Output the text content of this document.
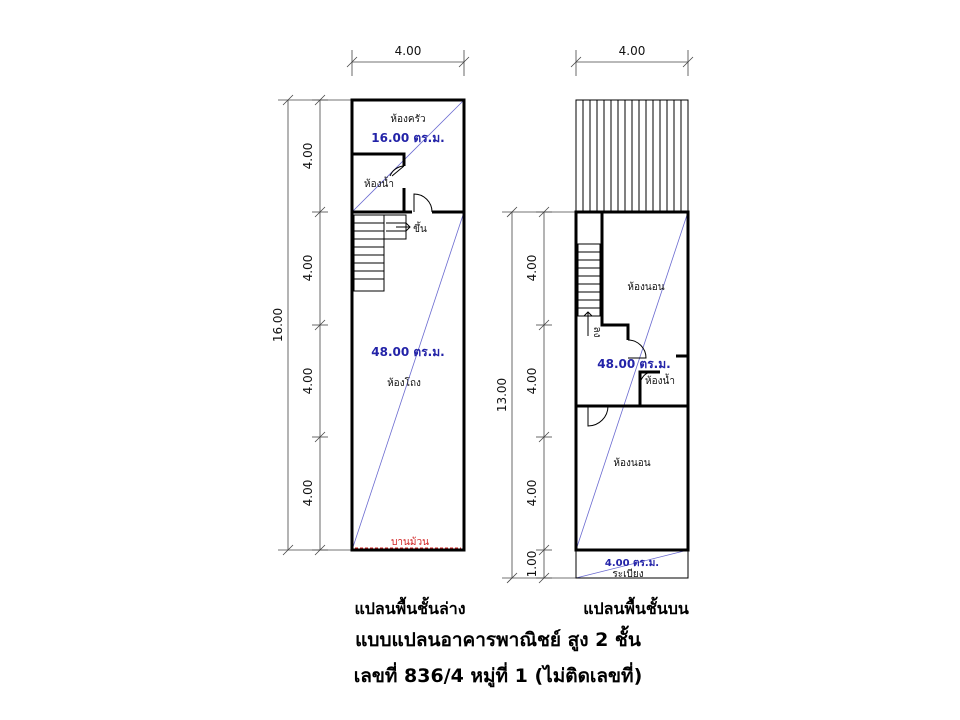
4.00
16.00
4.00
4.00
4.00
4.00
ขึ้น
ห้องครัว
16.00 ตร.ม.
ห้องน้ำ
48.00 ตร.ม.
ห้องโถง
บานม้วน
4.00
13.00
4.00
4.00
4.00
1.00
ลง
ห้องนอน
48.00 ตร.ม.
ห้องน้ำ
ห้องนอน
4.00 ตร.ม.
ระเบียง
แปลนพื้นชั้นล่าง	แปลนพื้นชั้นบน
แบบแปลนอาคารพาณิชย์ สูง 2 ชั้น
เลขที่ 836/4 หมู่ที่ 1 (ไม่ติดเลขที่)
